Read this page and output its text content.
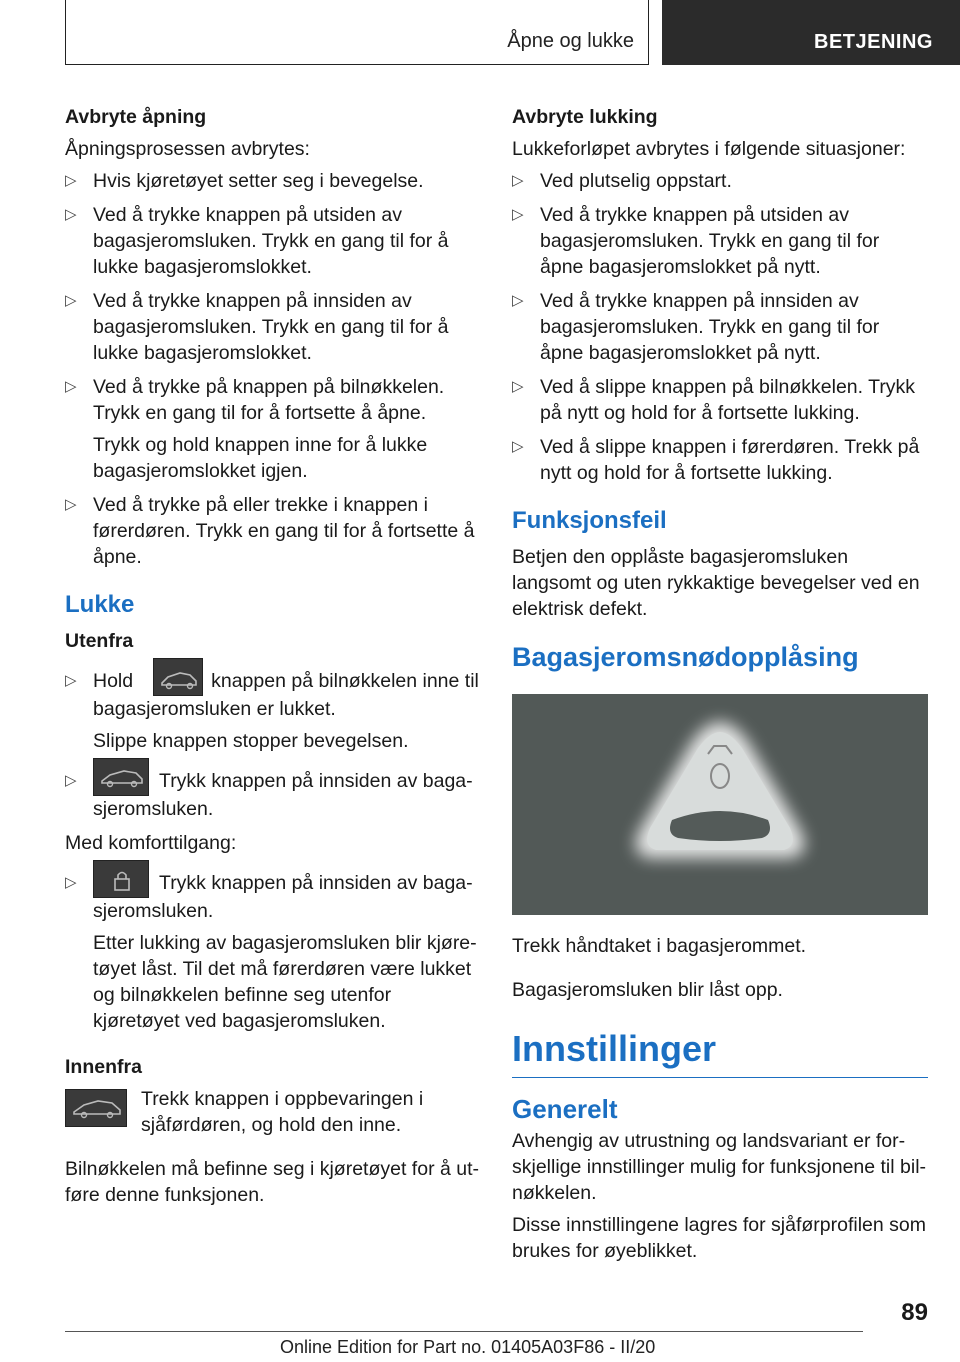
Åpne og lukke	BETJENING

Avbryte åpning

Åpningsprosessen avbrytes:

▷ Hvis kjøretøyet setter seg i bevegelse.
▷ Ved å trykke knappen på utsiden av bagasjeromsluken. Trykk en gang til for å lukke bagasjeromslokket.
▷ Ved å trykke knappen på innsiden av bagasjeromsluken. Trykk en gang til for å lukke bagasjeromslokket.
▷ Ved å trykke på knappen på bilnøkkelen. Trykk en gang til for å fortsette å åpne.
Trykk og hold knappen inne for å lukke bagasjeromslokket igjen.
▷ Ved å trykke på eller trekke i knappen i førerdøren. Trykk en gang til for å fortsette å åpne.
Lukke

Utenfra

▷ Hold	knappen på bilnøkkelen inne til bagasjeromsluken er lukket.
Slippe knappen stopper bevegelsen.
▷	Trykk knappen på innsiden av bagasjeromsluken.

Med komforttilgang:

▷	Trykk knappen på innsiden av bagasjeromsluken.
Etter lukking av bagasjeromsluken blir kjøretøyet låst. Til det må førerdøren være lukket og bilnøkkelen befinne seg utenfor kjøretøyet ved bagasjeromsluken.

Innenfra

Trekk knappen i oppbevaringen i sjåførdøren, og hold den inne.

Bilnøkkelen må befinne seg i kjøretøyet for å utføre denne funksjonen.

Avbryte lukking

Lukkeforløpet avbrytes i følgende situasjoner:

▷ Ved plutselig oppstart.
▷ Ved å trykke knappen på utsiden av bagasjeromsluken. Trykk en gang til for åpne bagasjeromslokket på nytt.
▷ Ved å trykke knappen på innsiden av bagasjeromsluken. Trykk en gang til for åpne bagasjeromslokket på nytt.
▷ Ved å slippe knappen på bilnøkkelen. Trykk på nytt og hold for å fortsette lukking.
▷ Ved å slippe knappen i førerdøren. Trekk på nytt og hold for å fortsette lukking.
Funksjonsfeil

Betjen den opplåste bagasjeromsluken langsomt og uten rykkaktige bevegelser ved en elektrisk defekt.

Bagasjeromsnødopplåsing

Trekk håndtaket i bagasjerommet.

Bagasjeromsluken blir låst opp.

Innstillinger
Generelt

Avhengig av utrustning og landsvariant er forskjellige innstillinger mulig for funksjonene til bilnøkkelen.

Disse innstillingene lagres for sjåførprofilen som brukes for øyeblikket.

89
Online Edition for Part no. 01405A03F86 - II/20
